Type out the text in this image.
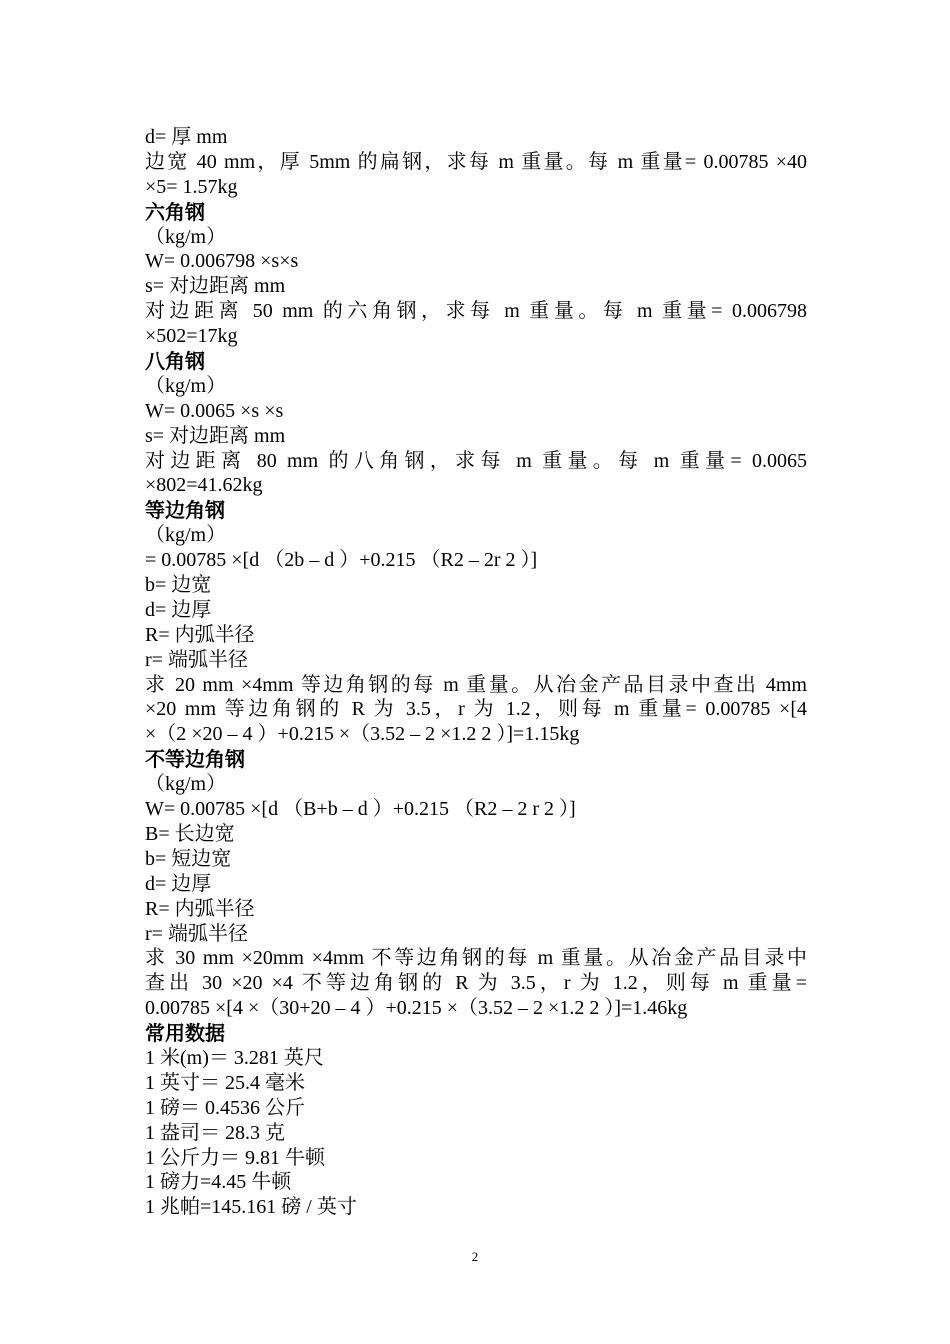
d= 厚 mm
边宽 40 mm，厚 5mm 的扁钢，求每 m 重量。每 m 重量= 0.00785 ×40
×5= 1.57kg
六角钢
（kg/m）
W= 0.006798 ×s×s
s= 对边距离 mm
对边距离 50 mm 的六角钢，求每 m 重量。每 m 重量= 0.006798
×502=17kg
八角钢
（kg/m）
W= 0.0065 ×s ×s
s= 对边距离 mm
对边距离 80 mm 的八角钢，求每 m 重量。每 m 重量= 0.0065
×802=41.62kg
等边角钢
（kg/m）
= 0.00785 ×[d （2b – d ）+0.215 （R2 – 2r 2 ）]
b= 边宽
d= 边厚
R= 内弧半径
r= 端弧半径
求 20 mm ×4mm 等边角钢的每 m 重量。从冶金产品目录中查出 4mm
×20 mm 等边角钢的 R 为 3.5，r 为 1.2，则每 m 重量= 0.00785 ×[4
×（2 ×20 – 4 ）+0.215 ×（3.52 – 2 ×1.2 2 ）]=1.15kg
不等边角钢
（kg/m）
W= 0.00785 ×[d （B+b – d ）+0.215 （R2 – 2 r 2 ）]
B= 长边宽
b= 短边宽
d= 边厚
R= 内弧半径
r= 端弧半径
求 30 mm ×20mm ×4mm 不等边角钢的每 m 重量。从冶金产品目录中
查出 30 ×20 ×4 不等边角钢的 R 为 3.5，r 为 1.2，则每 m 重量=
0.00785 ×[4 ×（30+20 – 4 ）+0.215 ×（3.52 – 2 ×1.2 2 ）]=1.46kg
常用数据
1 米(m)＝ 3.281 英尺
1 英寸＝ 25.4 毫米
1 磅＝ 0.4536 公斤
1 盎司＝ 28.3 克
1 公斤力＝ 9.81 牛顿
1 磅力=4.45 牛顿
1 兆帕=145.161 磅 / 英寸
2
